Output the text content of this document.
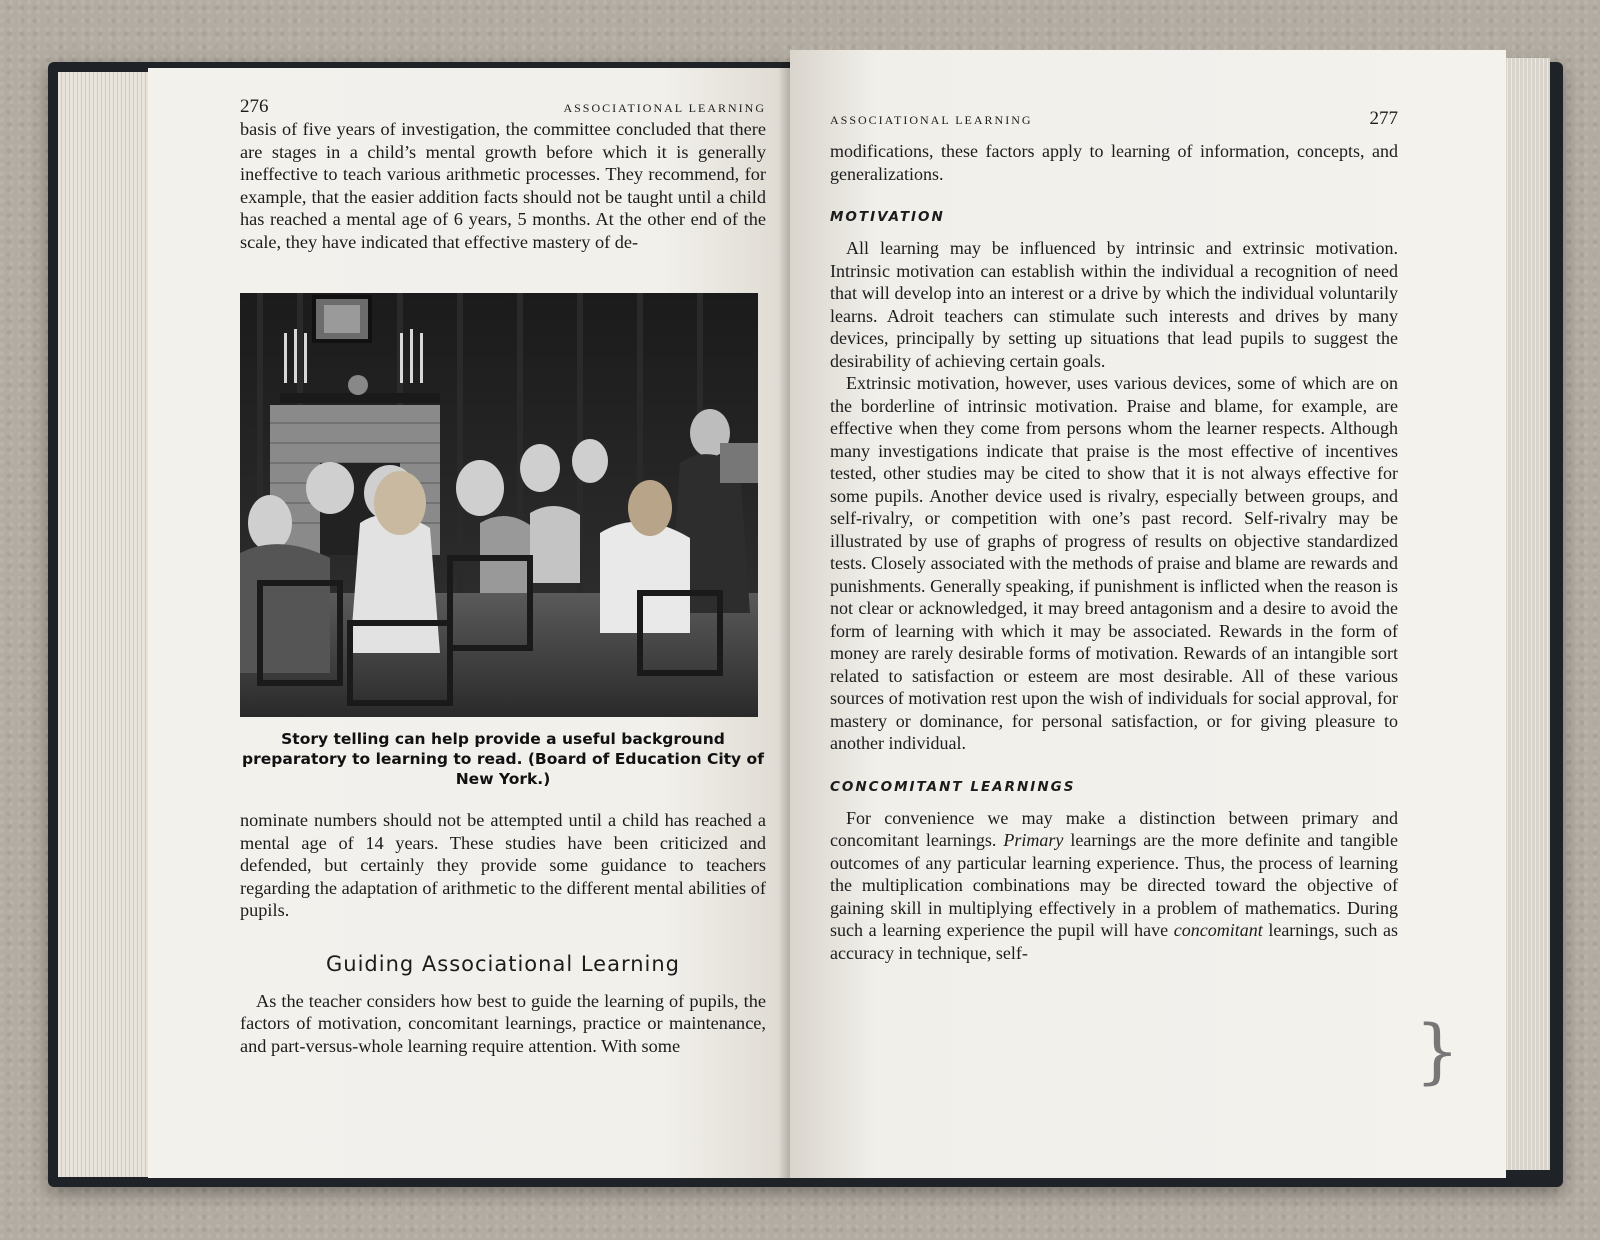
276	ASSOCIATIONAL LEARNING

basis of five years of investigation, the committee concluded that there are stages in a child’s mental growth before which it is generally ineffective to teach various arithmetic processes. They recommend, for example, that the easier addition facts should not be taught until a child has reached a mental age of 6 years, 5 months. At the other end of the scale, they have indicated that effective mastery of de-

Story telling can help provide a useful background preparatory to learning to read. (Board of Education City of New York.)

nominate numbers should not be attempted until a child has reached a mental age of 14 years. These studies have been criticized and defended, but certainly they provide some guidance to teachers regarding the adaptation of arithmetic to the different mental abilities of pupils.

Guiding Associational Learning

As the teacher considers how best to guide the learning of pupils, the factors of motivation, concomitant learnings, practice or maintenance, and part-versus-whole learning require attention. With some

ASSOCIATIONAL LEARNING	277

modifications, these factors apply to learning of information, concepts, and generalizations.

MOTIVATION

All learning may be influenced by intrinsic and extrinsic motivation. Intrinsic motivation can establish within the individual a recognition of need that will develop into an interest or a drive by which the individual voluntarily learns. Adroit teachers can stimulate such interests and drives by many devices, principally by setting up situations that lead pupils to suggest the desirability of achieving certain goals.

Extrinsic motivation, however, uses various devices, some of which are on the borderline of intrinsic motivation. Praise and blame, for example, are effective when they come from persons whom the learner respects. Although many investigations indicate that praise is the most effective of incentives tested, other studies may be cited to show that it is not always effective for some pupils. Another device used is rivalry, especially between groups, and self-rivalry, or competition with one’s past record. Self-rivalry may be illustrated by use of graphs of progress of results on objective standardized tests. Closely associated with the methods of praise and blame are rewards and punishments. Generally speaking, if punishment is inflicted when the reason is not clear or acknowledged, it may breed antagonism and a desire to avoid the form of learning with which it may be associated. Rewards in the form of money are rarely desirable forms of motivation. Rewards of an intangible sort related to satisfaction or esteem are most desirable. All of these various sources of motivation rest upon the wish of individuals for social approval, for mastery or dominance, for personal satisfaction, or for giving pleasure to another individual.

CONCOMITANT LEARNINGS

For convenience we may make a distinction between primary and concomitant learnings. Primary learnings are the more definite and tangible outcomes of any particular learning experience. Thus, the process of learning the multiplication combinations may be directed toward the objective of gaining skill in multiplying effectively in a problem of mathematics. During such a learning experience the pupil will have concomitant learnings, such as accuracy in technique, self-

}
